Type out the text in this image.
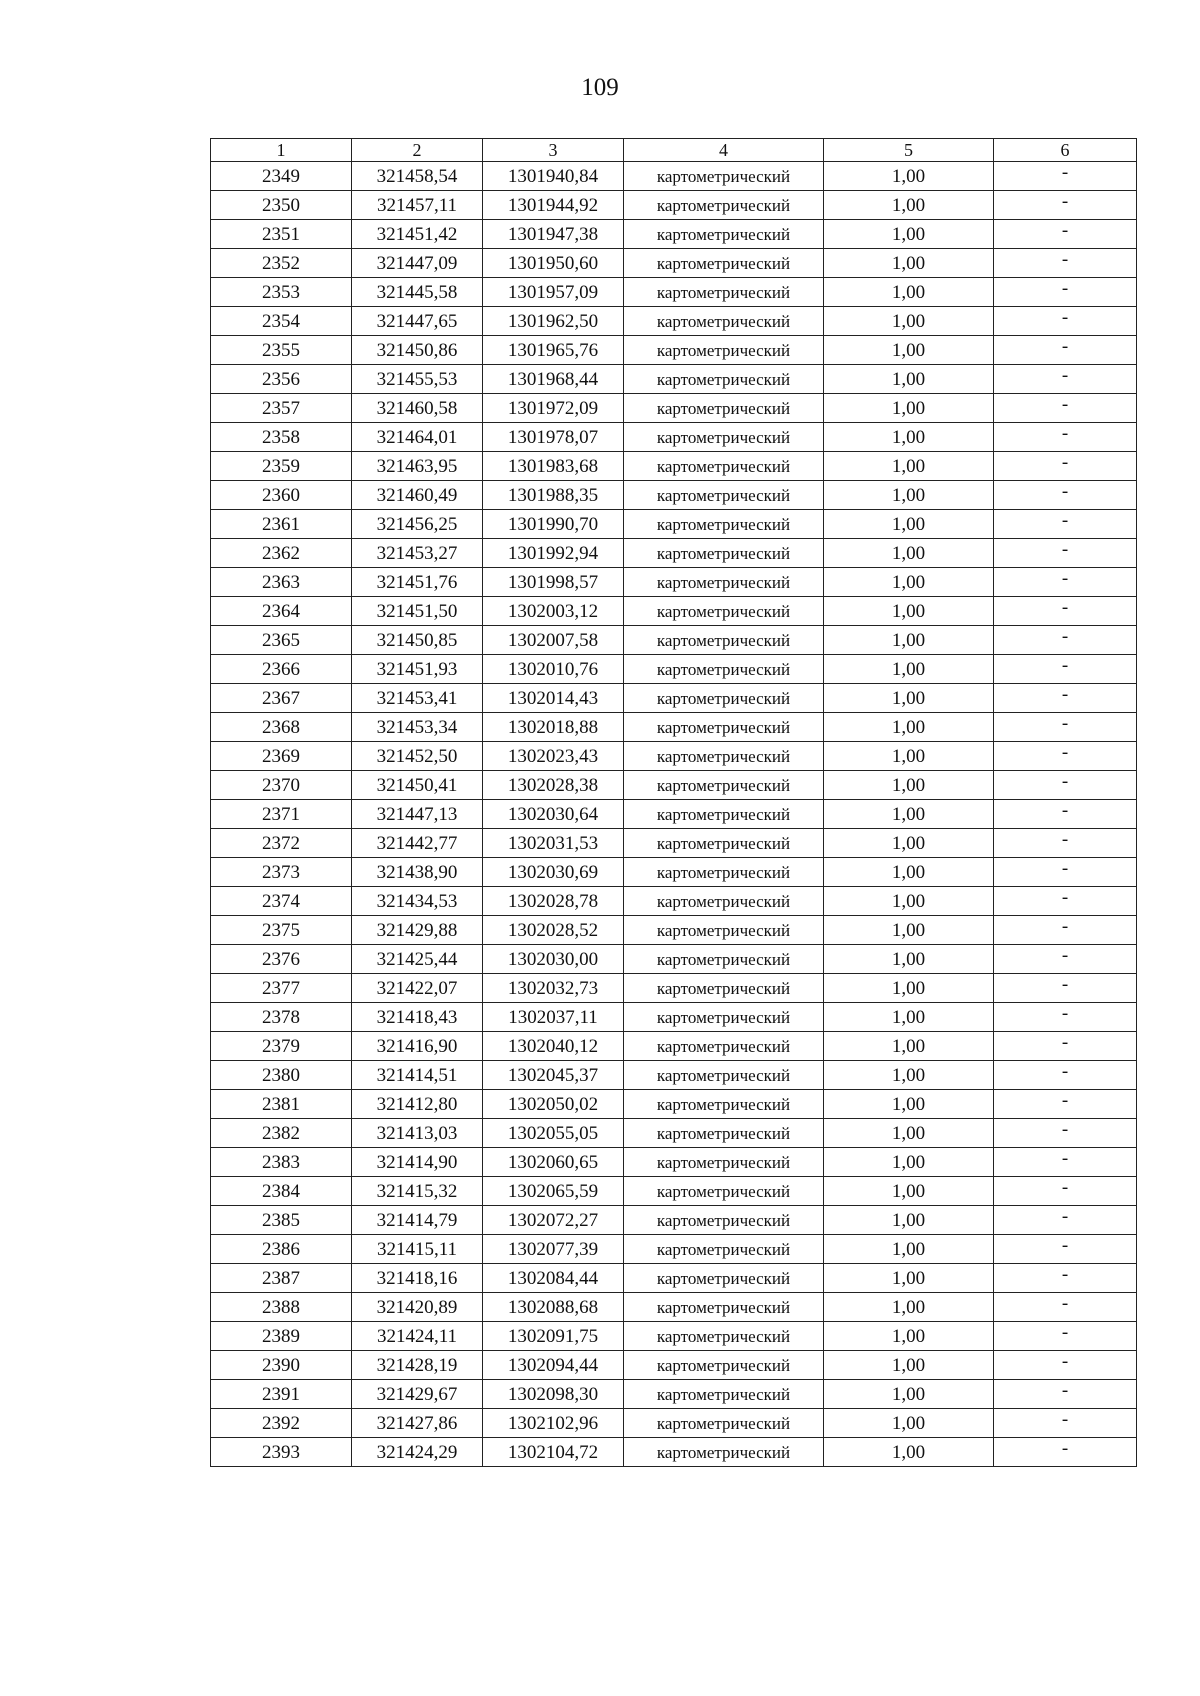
109
1	2	3	4	5	6
2349	321458,54	1301940,84	картометрический	1,00	-
2350	321457,11	1301944,92	картометрический	1,00	-
2351	321451,42	1301947,38	картометрический	1,00	-
2352	321447,09	1301950,60	картометрический	1,00	-
2353	321445,58	1301957,09	картометрический	1,00	-
2354	321447,65	1301962,50	картометрический	1,00	-
2355	321450,86	1301965,76	картометрический	1,00	-
2356	321455,53	1301968,44	картометрический	1,00	-
2357	321460,58	1301972,09	картометрический	1,00	-
2358	321464,01	1301978,07	картометрический	1,00	-
2359	321463,95	1301983,68	картометрический	1,00	-
2360	321460,49	1301988,35	картометрический	1,00	-
2361	321456,25	1301990,70	картометрический	1,00	-
2362	321453,27	1301992,94	картометрический	1,00	-
2363	321451,76	1301998,57	картометрический	1,00	-
2364	321451,50	1302003,12	картометрический	1,00	-
2365	321450,85	1302007,58	картометрический	1,00	-
2366	321451,93	1302010,76	картометрический	1,00	-
2367	321453,41	1302014,43	картометрический	1,00	-
2368	321453,34	1302018,88	картометрический	1,00	-
2369	321452,50	1302023,43	картометрический	1,00	-
2370	321450,41	1302028,38	картометрический	1,00	-
2371	321447,13	1302030,64	картометрический	1,00	-
2372	321442,77	1302031,53	картометрический	1,00	-
2373	321438,90	1302030,69	картометрический	1,00	-
2374	321434,53	1302028,78	картометрический	1,00	-
2375	321429,88	1302028,52	картометрический	1,00	-
2376	321425,44	1302030,00	картометрический	1,00	-
2377	321422,07	1302032,73	картометрический	1,00	-
2378	321418,43	1302037,11	картометрический	1,00	-
2379	321416,90	1302040,12	картометрический	1,00	-
2380	321414,51	1302045,37	картометрический	1,00	-
2381	321412,80	1302050,02	картометрический	1,00	-
2382	321413,03	1302055,05	картометрический	1,00	-
2383	321414,90	1302060,65	картометрический	1,00	-
2384	321415,32	1302065,59	картометрический	1,00	-
2385	321414,79	1302072,27	картометрический	1,00	-
2386	321415,11	1302077,39	картометрический	1,00	-
2387	321418,16	1302084,44	картометрический	1,00	-
2388	321420,89	1302088,68	картометрический	1,00	-
2389	321424,11	1302091,75	картометрический	1,00	-
2390	321428,19	1302094,44	картометрический	1,00	-
2391	321429,67	1302098,30	картометрический	1,00	-
2392	321427,86	1302102,96	картометрический	1,00	-
2393	321424,29	1302104,72	картометрический	1,00	-
